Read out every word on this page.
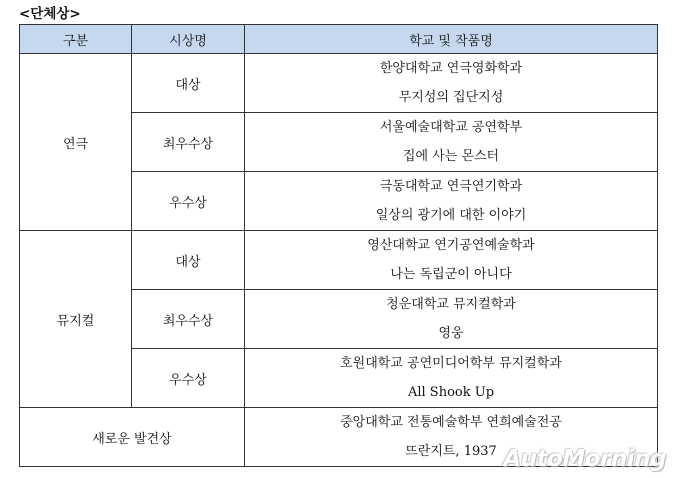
<단체상>
구분	시상명	학교 및 작품명
연극	대상	한양대학교 연극영화학과
무지성의 집단지성

	최우수상	서울예술대학교 공연학부
집에 사는 몬스터

	우수상	극동대학교 연극연기학과
일상의 광기에 대한 이야기

뮤지컬	대상	영산대학교 연기공연예술학과
나는 독립군이 아니다

	최우수상	청운대학교 뮤지컬학과
영웅

	우수상	호원대학교 공연미디어학부 뮤지컬학과
All Shook Up

새로운 발견상		중앙대학교 전통예술학부 연희예술전공
뜨란지트, 1937 AutoMorning
